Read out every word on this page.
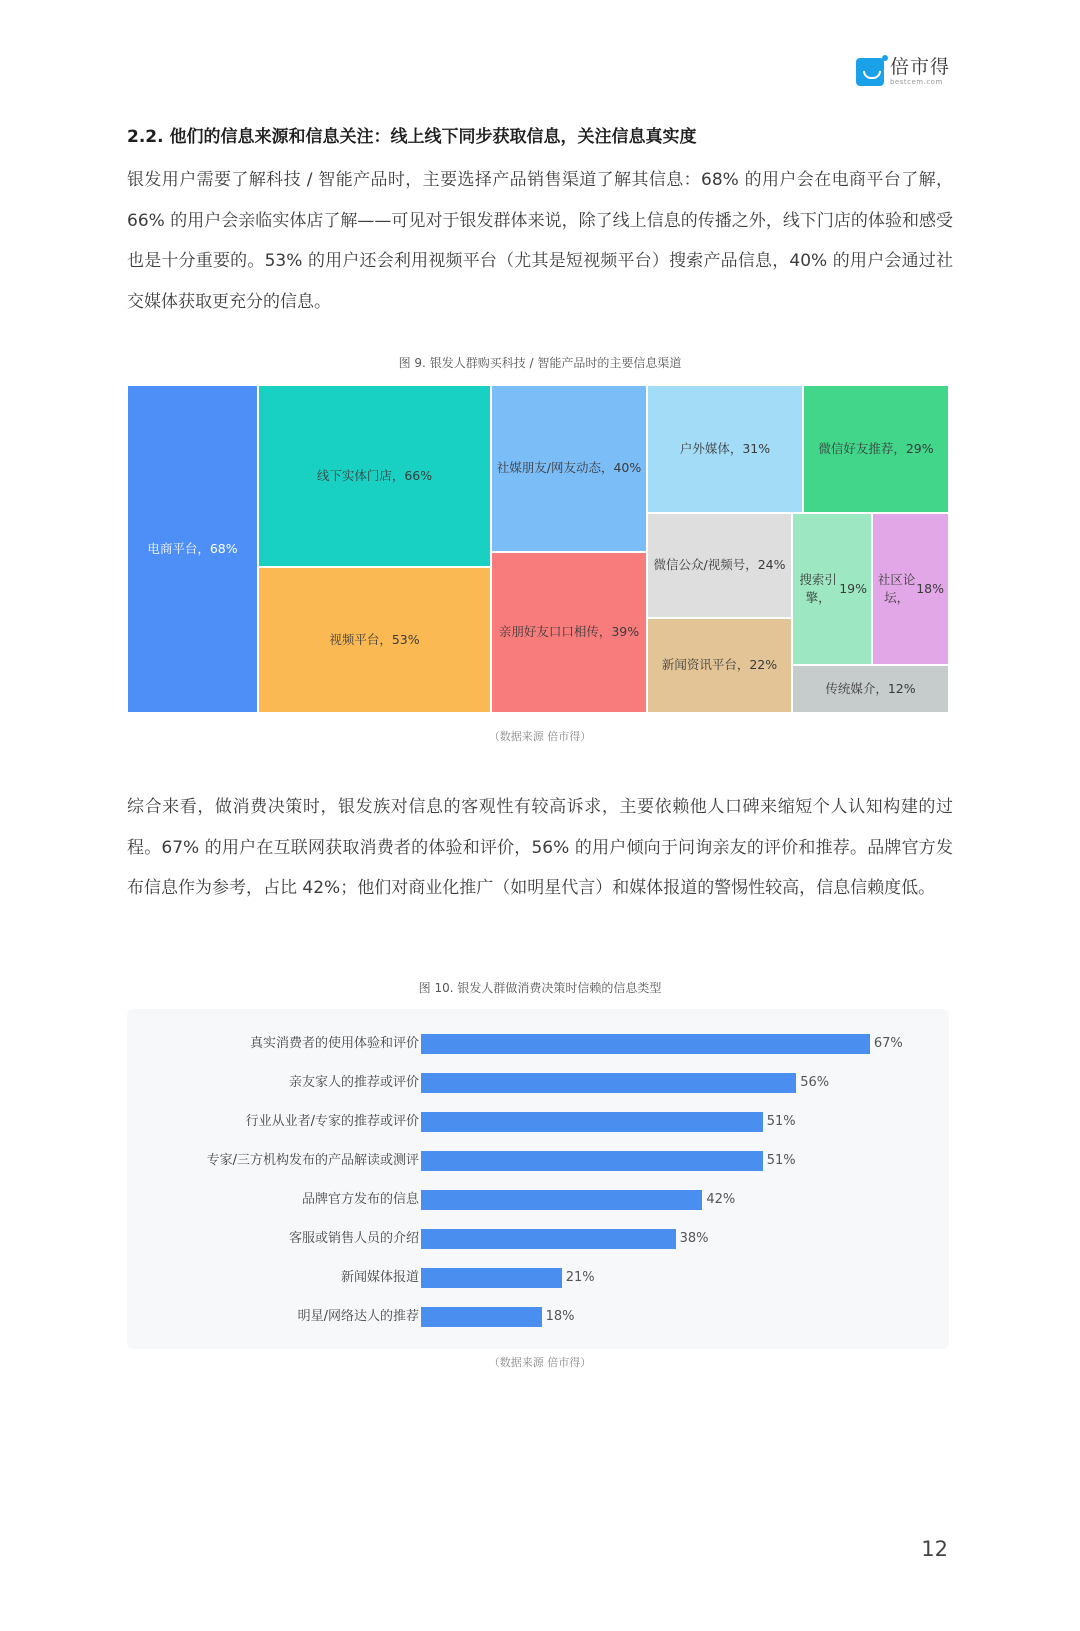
倍市得
bestcem.com
2.2. 他们的信息来源和信息关注：线上线下同步获取信息，关注信息真实度

银发用户需要了解科技 / 智能产品时，主要选择产品销售渠道了解其信息：68% 的用户会在电商平台了解，66% 的用户会亲临实体店了解——可见对于银发群体来说，除了线上信息的传播之外，线下门店的体验和感受也是十分重要的。53% 的用户还会利用视频平台（尤其是短视频平台）搜索产品信息，40% 的用户会通过社交媒体获取更充分的信息。

图 9. 银发人群购买科技 / 智能产品时的主要信息渠道
电商平台，68%
线下实体门店，66%
视频平台，53%
社媒朋友/网友动态， 40%
亲朋好友口口相传， 39%
户外媒体，31%	微信好友推荐，29%
微信公众/视频号， 24%
新闻资讯平台，22%
搜索引擎，

19%
社区论坛，

18%
传统媒介，12%
（数据来源 倍市得）

综合来看，做消费决策时，银发族对信息的客观性有较高诉求，主要依赖他人口碑来缩短个人认知构建的过程。67% 的用户在互联网获取消费者的体验和评价，56% 的用户倾向于问询亲友的评价和推荐。品牌官方发布信息作为参考，占比 42%；他们对商业化推广（如明星代言）和媒体报道的警惕性较高，信息信赖度低。

图 10. 银发人群做消费决策时信赖的信息类型
真实消费者的使用体验和评价	67%
亲友家人的推荐或评价	56%
行业从业者/专家的推荐或评价	51%
专家/三方机构发布的产品解读或测评	51%
品牌官方发布的信息	42%
客服或销售人员的介绍	38%
新闻媒体报道	21%
明星/网络达人的推荐	18%
（数据来源 倍市得）
12
